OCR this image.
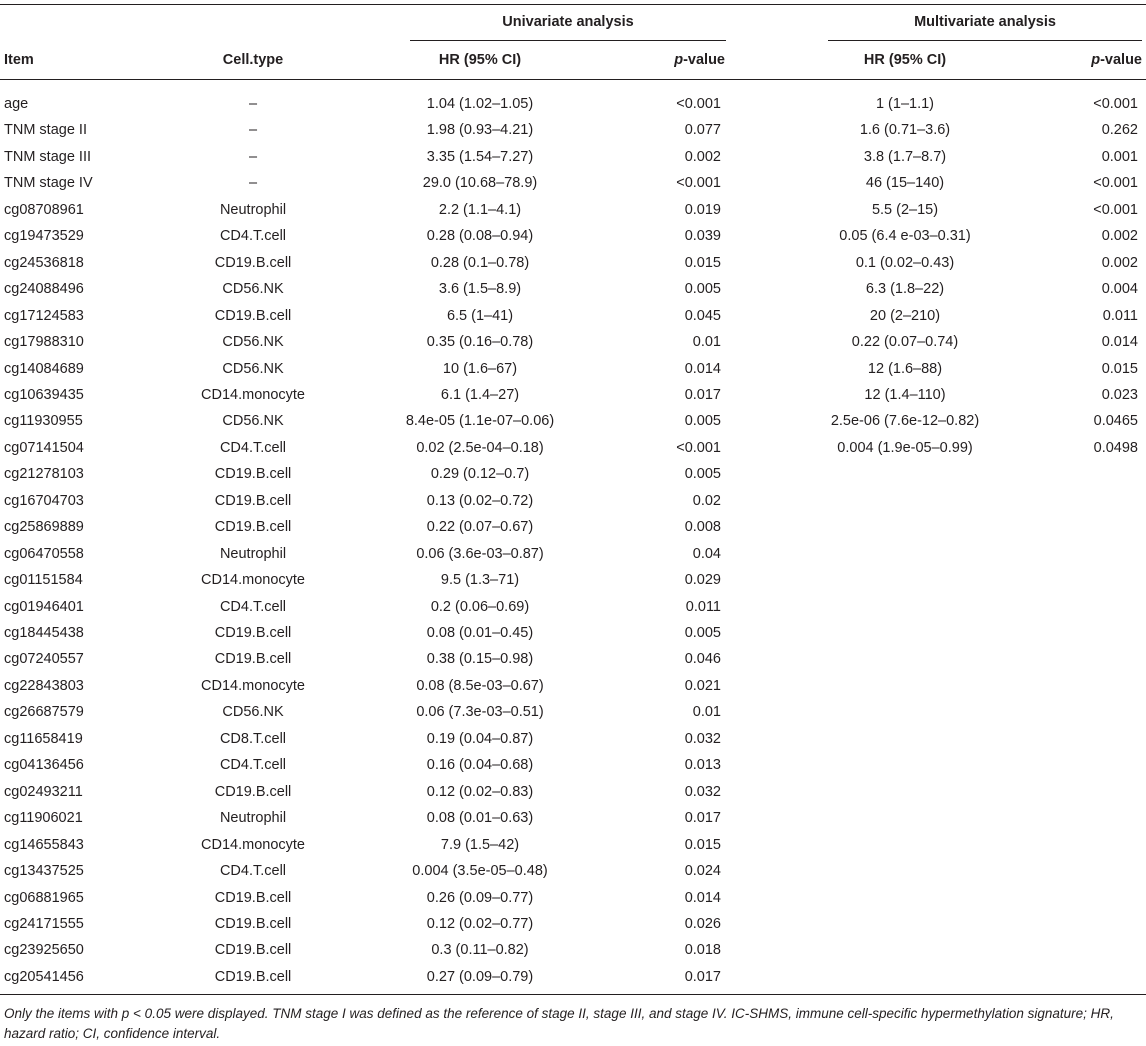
Univariate analysis	Multivariate analysis
Item	Cell.type	HR (95% CI)	p-value	HR (95% CI)	p-value
age	–	1.04 (1.02–1.05)	<0.001	1 (1–1.1)	<0.001
TNM stage II	–	1.98 (0.93–4.21)	0.077	1.6 (0.71–3.6)	0.262
TNM stage III	–	3.35 (1.54–7.27)	0.002	3.8 (1.7–8.7)	0.001
TNM stage IV	–	29.0 (10.68–78.9)	<0.001	46 (15–140)	<0.001
cg08708961	Neutrophil	2.2 (1.1–4.1)	0.019	5.5 (2–15)	<0.001
cg19473529	CD4.T.cell	0.28 (0.08–0.94)	0.039	0.05 (6.4 e-03–0.31)	0.002
cg24536818	CD19.B.cell	0.28 (0.1–0.78)	0.015	0.1 (0.02–0.43)	0.002
cg24088496	CD56.NK	3.6 (1.5–8.9)	0.005	6.3 (1.8–22)	0.004
cg17124583	CD19.B.cell	6.5 (1–41)	0.045	20 (2–210)	0.011
cg17988310	CD56.NK	0.35 (0.16–0.78)	0.01	0.22 (0.07–0.74)	0.014
cg14084689	CD56.NK	10 (1.6–67)	0.014	12 (1.6–88)	0.015
cg10639435	CD14.monocyte	6.1 (1.4–27)	0.017	12 (1.4–110)	0.023
cg11930955	CD56.NK	8.4e-05 (1.1e-07–0.06)	0.005	2.5e-06 (7.6e-12–0.82)	0.0465
cg07141504	CD4.T.cell	0.02 (2.5e-04–0.18)	<0.001	0.004 (1.9e-05–0.99)	0.0498
cg21278103	CD19.B.cell	0.29 (0.12–0.7)	0.005
cg16704703	CD19.B.cell	0.13 (0.02–0.72)	0.02
cg25869889	CD19.B.cell	0.22 (0.07–0.67)	0.008
cg06470558	Neutrophil	0.06 (3.6e-03–0.87)	0.04
cg01151584	CD14.monocyte	9.5 (1.3–71)	0.029
cg01946401	CD4.T.cell	0.2 (0.06–0.69)	0.011
cg18445438	CD19.B.cell	0.08 (0.01–0.45)	0.005
cg07240557	CD19.B.cell	0.38 (0.15–0.98)	0.046
cg22843803	CD14.monocyte	0.08 (8.5e-03–0.67)	0.021
cg26687579	CD56.NK	0.06 (7.3e-03–0.51)	0.01
cg11658419	CD8.T.cell	0.19 (0.04–0.87)	0.032
cg04136456	CD4.T.cell	0.16 (0.04–0.68)	0.013
cg02493211	CD19.B.cell	0.12 (0.02–0.83)	0.032
cg11906021	Neutrophil	0.08 (0.01–0.63)	0.017
cg14655843	CD14.monocyte	7.9 (1.5–42)	0.015
cg13437525	CD4.T.cell	0.004 (3.5e-05–0.48)	0.024
cg06881965	CD19.B.cell	0.26 (0.09–0.77)	0.014
cg24171555	CD19.B.cell	0.12 (0.02–0.77)	0.026
cg23925650	CD19.B.cell	0.3 (0.11–0.82)	0.018
cg20541456	CD19.B.cell	0.27 (0.09–0.79)	0.017
Only the items with p < 0.05 were displayed. TNM stage I was defined as the reference of stage II, stage III, and stage IV. IC-SHMS, immune cell-specific hypermethylation signature; HR, hazard ratio; CI, confidence interval.
